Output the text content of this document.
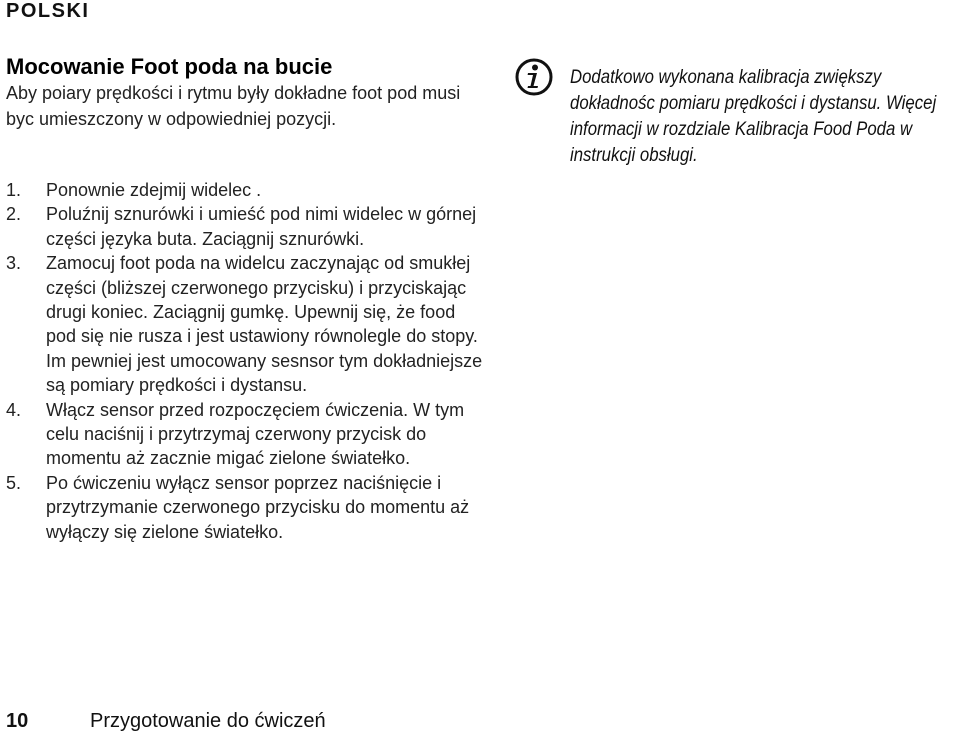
POLSKI
Mocowanie Foot poda na bucie

Aby poiary prędkości i rytmu były dokładne foot pod musi byc umieszczony w odpowiedniej pozycji.

1.	Ponownie zdejmij widelec .
2.	Poluźnij sznurówki i umieść pod nimi widelec w górnej części języka buta. Zaciągnij sznurówki.
3.	Zamocuj foot poda na widelcu zaczynając od smukłej części (bliższej czerwonego przycisku) i przyciskając drugi koniec. Zaciągnij gumkę. Upewnij się, że food pod się nie rusza i jest ustawiony równolegle do stopy. Im pewniej jest umocowany sesnsor tym dokładniejsze są pomiary prędkości i dystansu.
4.	Włącz sensor przed rozpoczęciem ćwiczenia. W tym celu naciśnij i przytrzymaj czerwony przycisk do momentu aż zacznie migać zielone światełko.
5.	Po ćwiczeniu wyłącz sensor poprzez naciśnięcie i przytrzymanie czerwonego przycisku do momentu aż wyłączy się zielone światełko.
Dodatkowo wykonana kalibracja zwiększy dokładnośc pomiaru prędkości i dystansu. Więcej informacji w rozdziale Kalibracja Food Poda w instrukcji obsługi.
10	Przygotowanie do ćwiczeń
